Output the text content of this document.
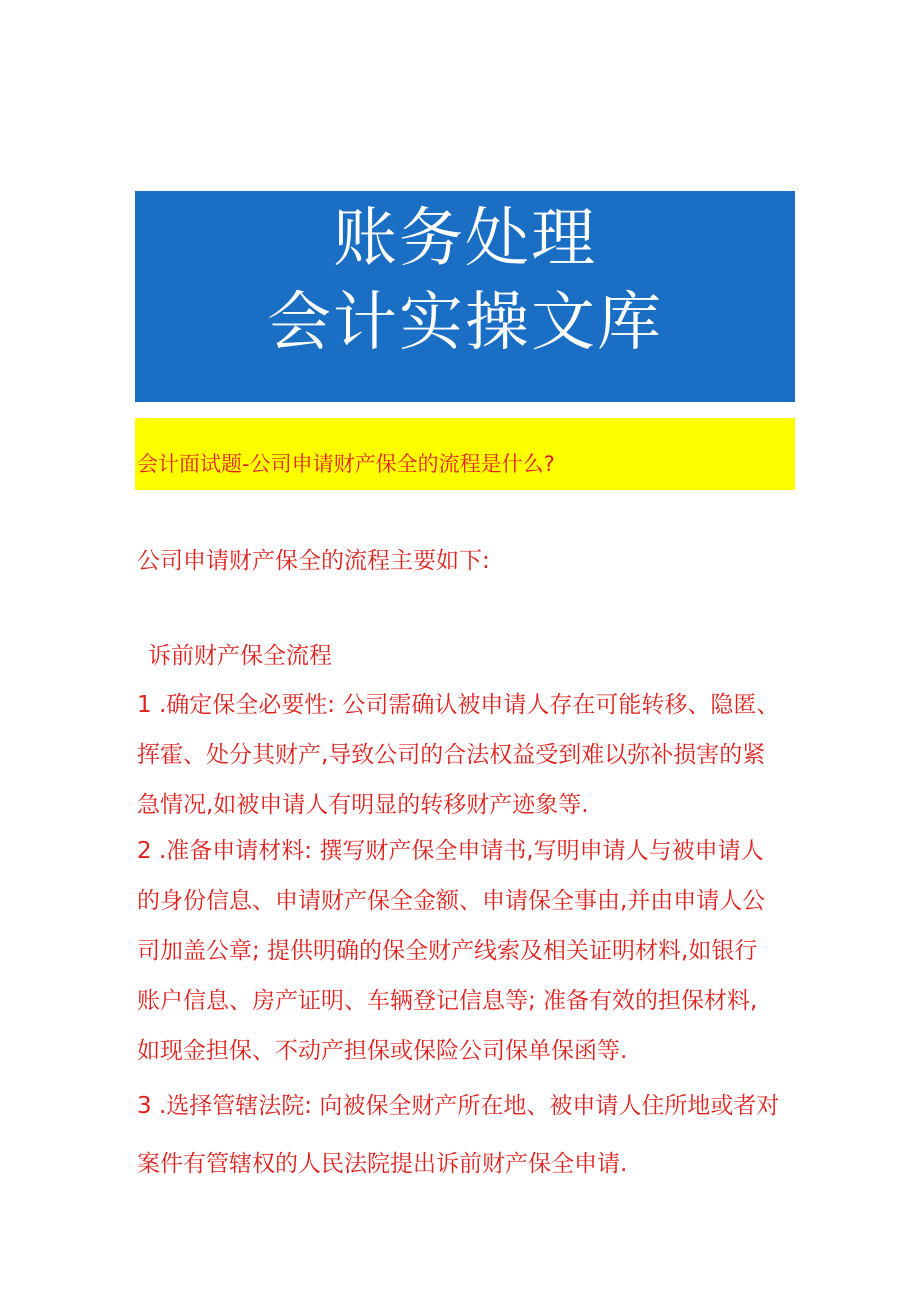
账务处理
会计实操文库
会计面试题-公司申请财产保全的流程是什么?
公司申请财产保全的流程主要如下:
诉前财产保全流程
1 .确定保全必要性: 公司需确认被申请人存在可能转移、隐匿、
挥霍、处分其财产,导致公司的合法权益受到难以弥补损害的紧
急情况,如被申请人有明显的转移财产迹象等.
2 .准备申请材料: 撰写财产保全申请书,写明申请人与被申请人
的身份信息、申请财产保全金额、申请保全事由,并由申请人公
司加盖公章; 提供明确的保全财产线索及相关证明材料,如银行
账户信息、房产证明、车辆登记信息等; 准备有效的担保材料,
如现金担保、不动产担保或保险公司保单保函等.
3 .选择管辖法院: 向被保全财产所在地、被申请人住所地或者对
案件有管辖权的人民法院提出诉前财产保全申请.
